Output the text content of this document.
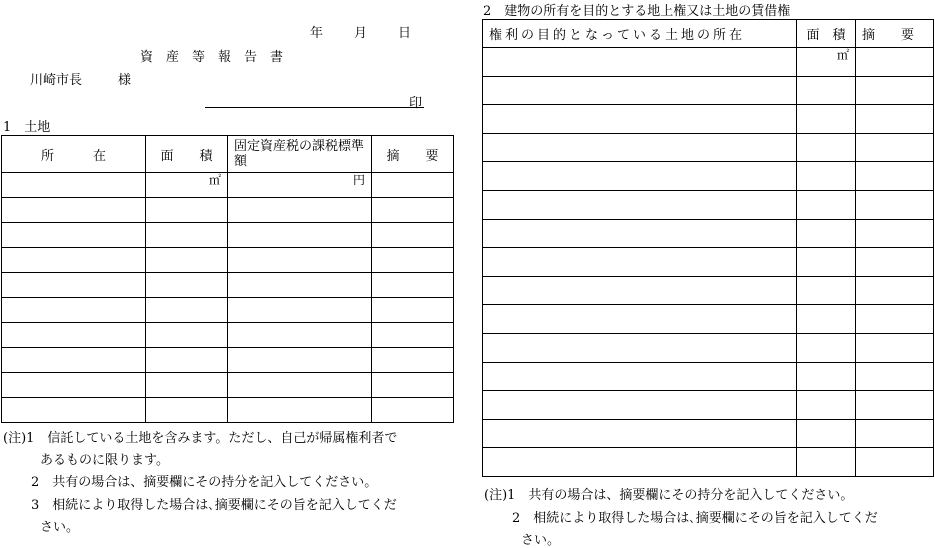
年 月 日
資　産　等　報　告　書
川崎市長	様
印
1　土地
所　　　在	面　　積	固定資産税の課税標準額	摘　　要
	㎡	円	

(注)1　信託している土地を含みます。ただし、自己が帰属権利者で
あるものに限ります。
2　共有の場合は、摘要欄にその持分を記入してください。
3　相続により取得した場合は､摘要欄にその旨を記入してくだ
さい。
2　建物の所有を目的とする地上権又は土地の賃借権
権利の目的となっている土地の所在	面　積	摘　　要
	㎡	

(注)1　共有の場合は、摘要欄にその持分を記入してください。
2　相続により取得した場合は､摘要欄にその旨を記入してくだ
さい。
